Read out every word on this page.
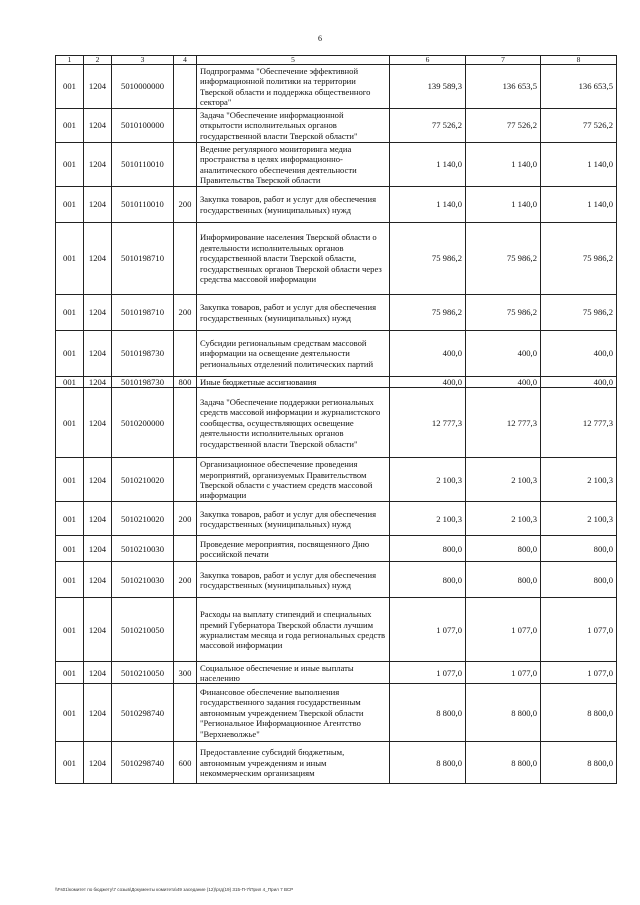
6
1	2	3	4	5	6	7	8
001	1204	5010000000		Подпрограмма "Обеспечение эффективной информационной политики на территории Тверской области и поддержка общественного сектора"	139 589,3	136 653,5	136 653,5
001	1204	5010100000		Задача "Обеспечение информационной открытости исполнительных органов государственной власти Тверской области"	77 526,2	77 526,2	77 526,2
001	1204	5010110010		Ведение регулярного мониторинга медиа пространства в целях информационно-аналитического обеспечения деятельности Правительства Тверской области	1 140,0	1 140,0	1 140,0
001	1204	5010110010	200	Закупка товаров, работ и услуг для обеспечения государственных (муниципальных) нужд	1 140,0	1 140,0	1 140,0
001	1204	5010198710		Информирование населения Тверской области о деятельности исполнительных органов государственной власти Тверской области, государственных органов Тверской области через средства массовой информации	75 986,2	75 986,2	75 986,2
001	1204	5010198710	200	Закупка товаров, работ и услуг для обеспечения государственных (муниципальных) нужд	75 986,2	75 986,2	75 986,2
001	1204	5010198730		Субсидии региональным средствам массовой информации на освещение деятельности региональных отделений политических партий	400,0	400,0	400,0
001	1204	5010198730	800	Иные бюджетные ассигнования	400,0	400,0	400,0
001	1204	5010200000		Задача "Обеспечение поддержки региональных средств массовой информации и журналистского сообщества, осуществляющих освещение деятельности исполнительных органов государственной власти Тверской области"	12 777,3	12 777,3	12 777,3
001	1204	5010210020		Организационное обеспечение проведения мероприятий, организуемых Правительством Тверской области с участием средств массовой информации	2 100,3	2 100,3	2 100,3
001	1204	5010210020	200	Закупка товаров, работ и услуг для обеспечения государственных (муниципальных) нужд	2 100,3	2 100,3	2 100,3
001	1204	5010210030		Проведение мероприятия, посвященного Дню российской печати	800,0	800,0	800,0
001	1204	5010210030	200	Закупка товаров, работ и услуг для обеспечения государственных (муниципальных) нужд	800,0	800,0	800,0
001	1204	5010210050		Расходы на выплату стипендий и специальных премий Губернатора Тверской области лучшим журналистам месяца и года региональных средств массовой информации	1 077,0	1 077,0	1 077,0
001	1204	5010210050	300	Социальное обеспечение и иные выплаты населению	1 077,0	1 077,0	1 077,0
001	1204	5010298740		Финансовое обеспечение выполнения государственного задания государственным автономным учреждением Тверской области "Региональное Информационное Агентство "Верхневолжье"	8 800,0	8 800,0	8 800,0
001	1204	5010298740	600	Предоставление субсидий бюджетным, автономным учреждениям и иным некоммерческим организациям	8 800,0	8 800,0	8 800,0
\\Fs01\комитет по бюджету\7 созыв\Документы комитета\49 заседание (12)\ргд(19) 315-П-7\Прил 4_Прил 7 ВСР
